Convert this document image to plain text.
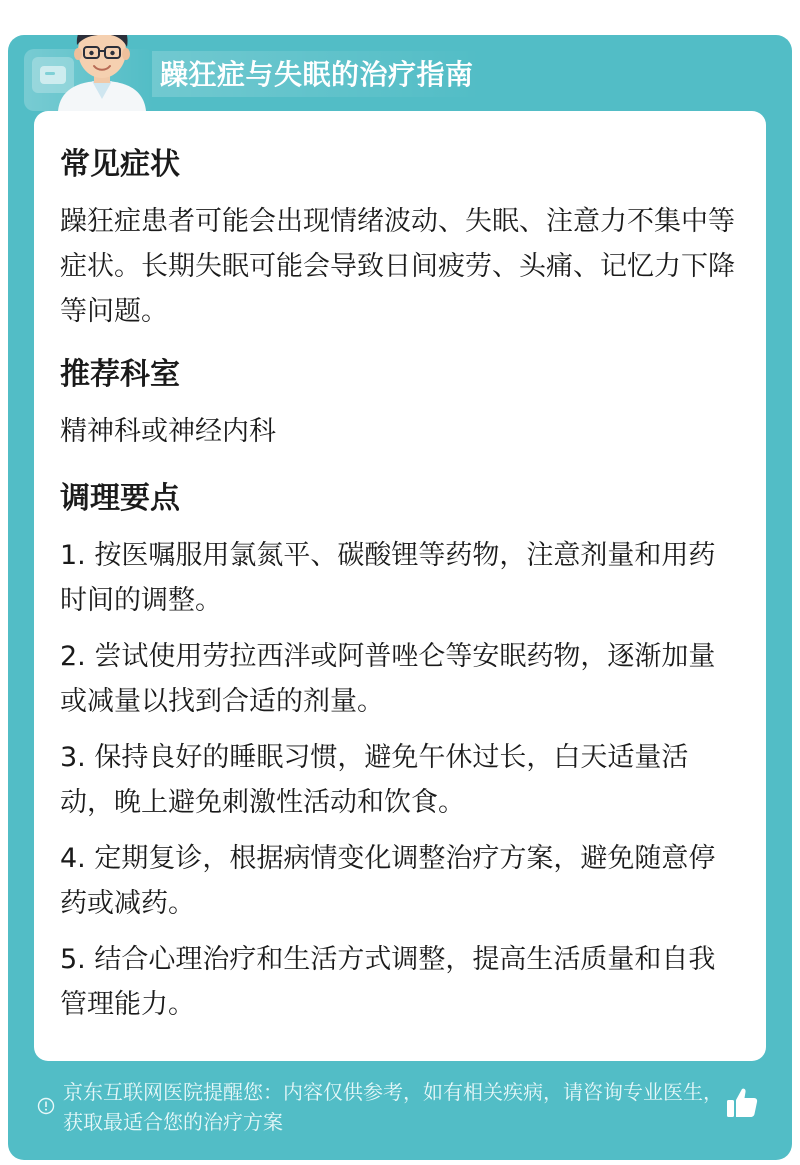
躁狂症与失眠的治疗指南
常见症状
躁狂症患者可能会出现情绪波动、失眠、注意力不集中等症状。长期失眠可能会导致日间疲劳、头痛、记忆力下降等问题。
推荐科室
精神科或神经内科
调理要点
1. 按医嘱服用氯氮平、碳酸锂等药物，注意剂量和用药时间的调整。
2. 尝试使用劳拉西泮或阿普唑仑等安眠药物，逐渐加量或减量以找到合适的剂量。
3. 保持良好的睡眠习惯，避免午休过长，白天适量活动，晚上避免刺激性活动和饮食。
4. 定期复诊，根据病情变化调整治疗方案，避免随意停药或减药。
5. 结合心理治疗和生活方式调整，提高生活质量和自我管理能力。
京东互联网医院提醒您：内容仅供参考，如有相关疾病，请咨询专业医生，获取最适合您的治疗方案
